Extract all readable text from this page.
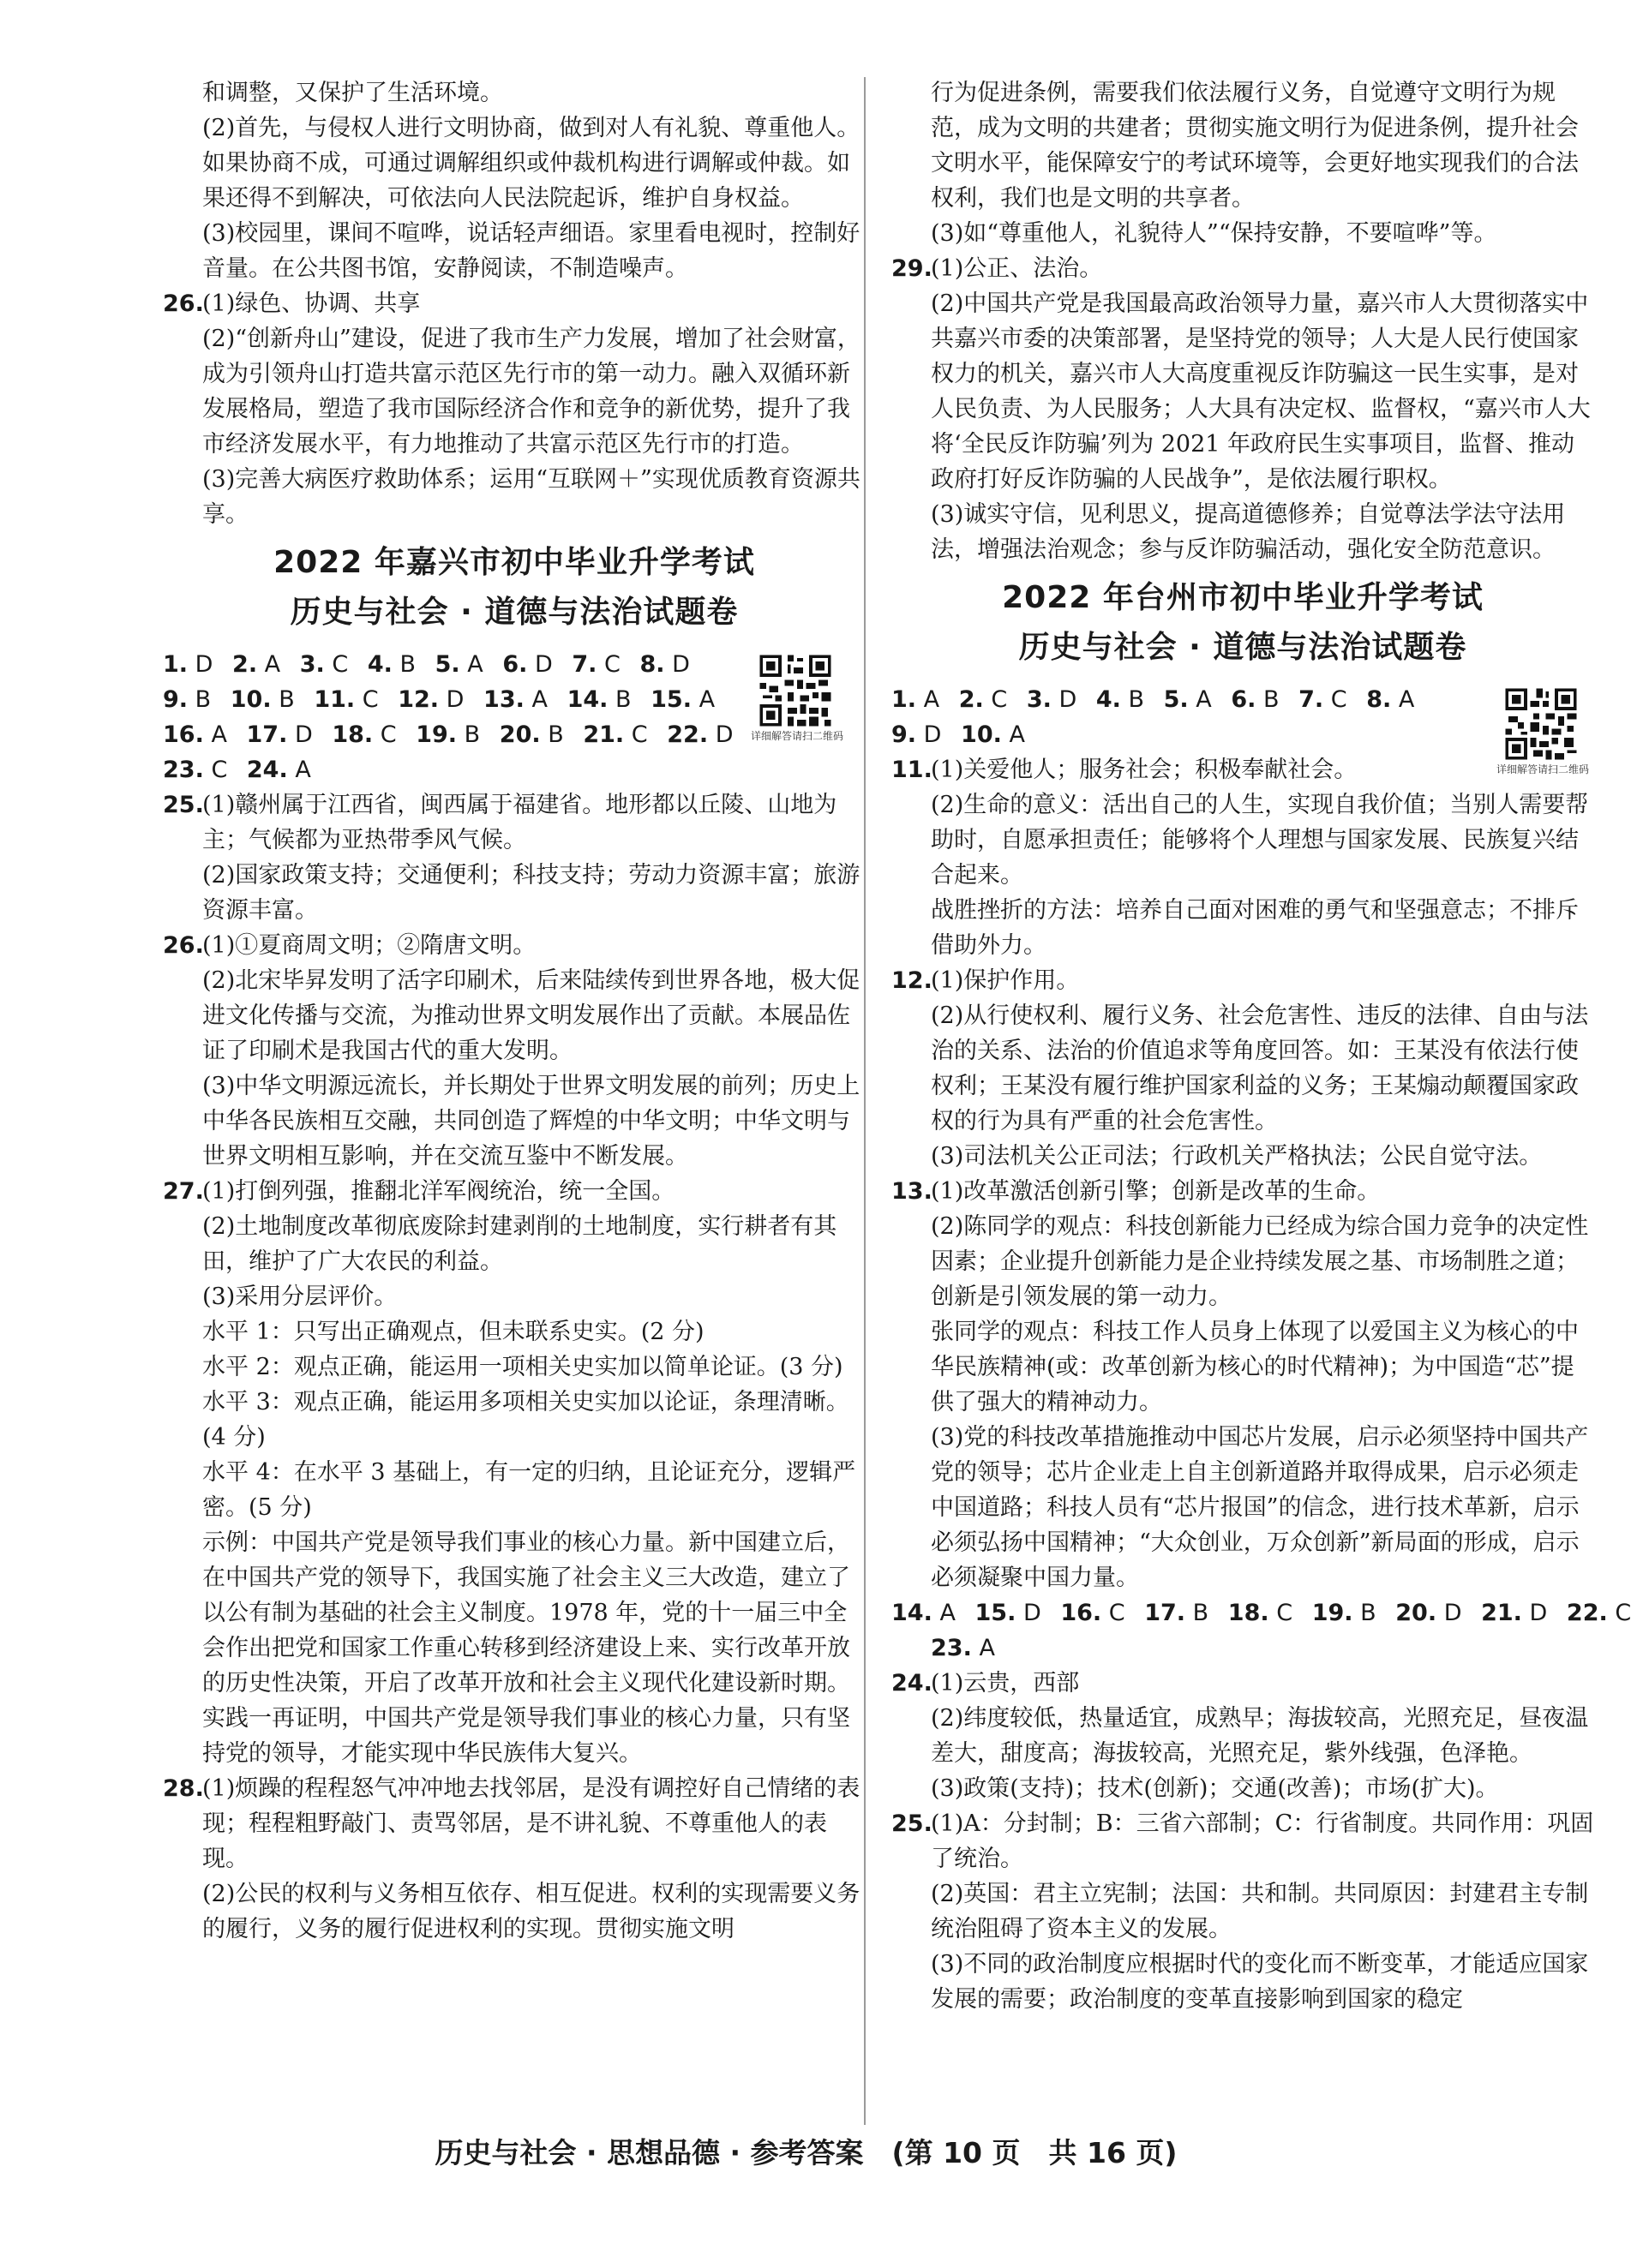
和调整，又保护了生活环境。

(2)首先，与侵权人进行文明协商，做到对人有礼貌、尊重他人。如果协商不成，可通过调解组织或仲裁机构进行调解或仲裁。如果还得不到解决，可依法向人民法院起诉，维护自身权益。

(3)校园里，课间不喧哗，说话轻声细语。家里看电视时，控制好音量。在公共图书馆，安静阅读，不制造噪声。

26.

(1)绿色、协调、共享

(2)“创新舟山”建设，促进了我市生产力发展，增加了社会财富，成为引领舟山打造共富示范区先行市的第一动力。融入双循环新发展格局，塑造了我市国际经济合作和竞争的新优势，提升了我市经济发展水平，有力地推动了共富示范区先行市的打造。

(3)完善大病医疗救助体系；运用“互联网＋”实现优质教育资源共享。

2022 年嘉兴市初中毕业升学考试
历史与社会 · 道德与法治试题卷
1. D 2. A 3. C 4. B 5. A 6. D 7. C 8. D
9. B 10. B 11. C 12. D 13. A 14. B 15. A
16. A 17. D 18. C 19. B 20. B 21. C 22. D
23. C 24. A
详细解答请扫二维码
25.

(1)赣州属于江西省，闽西属于福建省。地形都以丘陵、山地为主；气候都为亚热带季风气候。

(2)国家政策支持；交通便利；科技支持；劳动力资源丰富；旅游资源丰富。

26.

(1)①夏商周文明；②隋唐文明。

(2)北宋毕昇发明了活字印刷术，后来陆续传到世界各地，极大促进文化传播与交流，为推动世界文明发展作出了贡献。本展品佐证了印刷术是我国古代的重大发明。

(3)中华文明源远流长，并长期处于世界文明发展的前列；历史上中华各民族相互交融，共同创造了辉煌的中华文明；中华文明与世界文明相互影响，并在交流互鉴中不断发展。

27.

(1)打倒列强，推翻北洋军阀统治，统一全国。

(2)土地制度改革彻底废除封建剥削的土地制度，实行耕者有其田，维护了广大农民的利益。

(3)采用分层评价。

水平 1：只写出正确观点，但未联系史实。(2 分)

水平 2：观点正确，能运用一项相关史实加以简单论证。(3 分)

水平 3：观点正确，能运用多项相关史实加以论证，条理清晰。(4 分)

水平 4：在水平 3 基础上，有一定的归纳，且论证充分，逻辑严密。(5 分)

示例：中国共产党是领导我们事业的核心力量。新中国建立后，在中国共产党的领导下，我国实施了社会主义三大改造，建立了以公有制为基础的社会主义制度。1978 年，党的十一届三中全会作出把党和国家工作重心转移到经济建设上来、实行改革开放的历史性决策，开启了改革开放和社会主义现代化建设新时期。实践一再证明，中国共产党是领导我们事业的核心力量，只有坚持党的领导，才能实现中华民族伟大复兴。

28.

(1)烦躁的程程怒气冲冲地去找邻居，是没有调控好自己情绪的表现；程程粗野敲门、责骂邻居，是不讲礼貌、不尊重他人的表现。

(2)公民的权利与义务相互依存、相互促进。权利的实现需要义务的履行，义务的履行促进权利的实现。贯彻实施文明

行为促进条例，需要我们依法履行义务，自觉遵守文明行为规范，成为文明的共建者；贯彻实施文明行为促进条例，提升社会文明水平，能保障安宁的考试环境等，会更好地实现我们的合法权利，我们也是文明的共享者。

(3)如“尊重他人，礼貌待人”“保持安静，不要喧哗”等。

29.

(1)公正、法治。

(2)中国共产党是我国最高政治领导力量，嘉兴市人大贯彻落实中共嘉兴市委的决策部署，是坚持党的领导；人大是人民行使国家权力的机关，嘉兴市人大高度重视反诈防骗这一民生实事，是对人民负责、为人民服务；人大具有决定权、监督权，“嘉兴市人大将‘全民反诈防骗’列为 2021 年政府民生实事项目，监督、推动政府打好反诈防骗的人民战争”，是依法履行职权。

(3)诚实守信，见利思义，提高道德修养；自觉尊法学法守法用法，增强法治观念；参与反诈防骗活动，强化安全防范意识。

2022 年台州市初中毕业升学考试
历史与社会 · 道德与法治试题卷
1. A 2. C 3. D 4. B 5. A 6. B 7. C 8. A
9. D 10. A
详细解答请扫二维码
11.

(1)关爱他人；服务社会；积极奉献社会。

(2)生命的意义：活出自己的人生，实现自我价值；当别人需要帮助时，自愿承担责任；能够将个人理想与国家发展、民族复兴结合起来。

战胜挫折的方法：培养自己面对困难的勇气和坚强意志；不排斥借助外力。

12.

(1)保护作用。

(2)从行使权利、履行义务、社会危害性、违反的法律、自由与法治的关系、法治的价值追求等角度回答。如：王某没有依法行使权利；王某没有履行维护国家利益的义务；王某煽动颠覆国家政权的行为具有严重的社会危害性。

(3)司法机关公正司法；行政机关严格执法；公民自觉守法。

13.

(1)改革激活创新引擎；创新是改革的生命。

(2)陈同学的观点：科技创新能力已经成为综合国力竞争的决定性因素；企业提升创新能力是企业持续发展之基、市场制胜之道；创新是引领发展的第一动力。

张同学的观点：科技工作人员身上体现了以爱国主义为核心的中华民族精神(或：改革创新为核心的时代精神)；为中国造“芯”提供了强大的精神动力。

(3)党的科技改革措施推动中国芯片发展，启示必须坚持中国共产党的领导；芯片企业走上自主创新道路并取得成果，启示必须走中国道路；科技人员有“芯片报国”的信念，进行技术革新，启示必须弘扬中国精神；“大众创业，万众创新”新局面的形成，启示必须凝聚中国力量。

14. A 15. D 16. C 17. B 18. C 19. B 20. D 21. D 22. C
23. A
24.

(1)云贵，西部

(2)纬度较低，热量适宜，成熟早；海拔较高，光照充足，昼夜温差大，甜度高；海拔较高，光照充足，紫外线强，色泽艳。

(3)政策(支持)；技术(创新)；交通(改善)；市场(扩大)。

25.

(1)A：分封制；B：三省六部制；C：行省制度。共同作用：巩固了统治。

(2)英国：君主立宪制；法国：共和制。共同原因：封建君主专制统治阻碍了资本主义的发展。

(3)不同的政治制度应根据时代的变化而不断变革，才能适应国家发展的需要；政治制度的变革直接影响到国家的稳定

历史与社会 · 思想品德 · 参考答案　(第 10 页　共 16 页)
